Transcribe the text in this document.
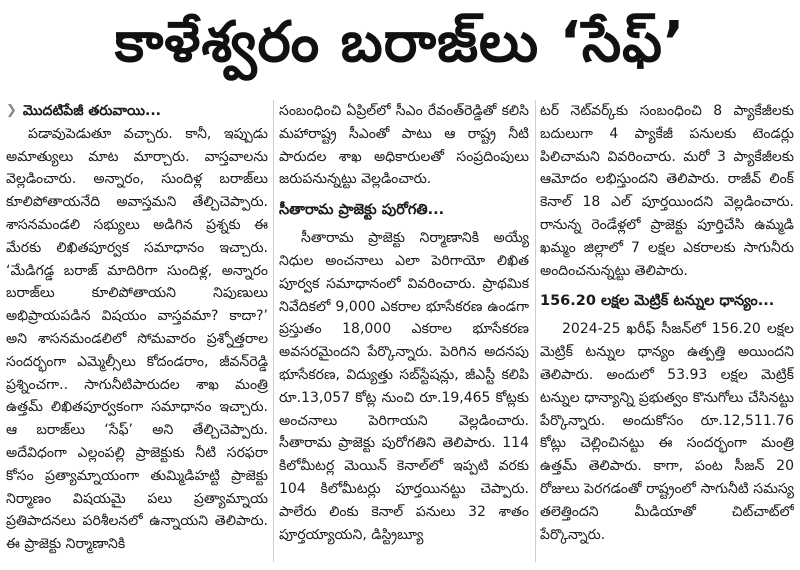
కాళేశ్వరం బరాజ్‌లు ‘సేఫ్’
❯ మొదటిపేజీ తరువాయి...

పడావుపెడుతూ వచ్చారు. కానీ, ఇప్పుడు అమాత్యులు మాట మార్చారు. వాస్తవాలను వెల్లడించారు. అన్నారం, సుందిళ్ల బరాజ్‌లు కూలిపోతాయనేది అవాస్తమని తేల్చిచెప్పారు. శాసనమండలి సభ్యులు అడిగిన ప్రశ్నకు ఈ మేరకు లిఖితపూర్వక సమాధానం ఇచ్చారు. ‘మేడిగడ్డ బరాజ్ మాదిరిగా సుందిళ్ల, అన్నారం బరాజ్‌లు కూలిపోతాయని నిపుణులు అభిప్రాయపడిన విషయం వాస్తవమా? కాదా?’ అని శాసనమండలిలో సోమవారం ప్రశ్నోత్తరాల సందర్భంగా ఎమ్మెల్సీలు కోదండరాం, జీవన్‌రెడ్డి ప్రశ్నించగా.. సాగునీటిపారుదల శాఖ మంత్రి ఉత్తమ్ లిఖితపూర్వకంగా సమాధానం ఇచ్చారు. ఆ బరాజ్‌లు ‘సేఫ్’ అని తేల్చిచెప్పారు. అదేవిధంగా ఎల్లంపల్లి ప్రాజెక్టుకు నీటి సరఫరా కోసం ప్రత్యామ్నాయంగా తుమ్మిడిహట్టి ప్రాజెక్టు నిర్మాణం విషయమై పలు ప్రత్యామ్నాయ ప్రతిపాదనలు పరిశీలనలో ఉన్నాయని తెలిపారు. ఈ ప్రాజెక్టు నిర్మాణానికి

సంబంధించి ఏప్రిల్‌లో సీఎం రేవంత్‌రెడ్డితో కలిసి మహారాష్ట్ర సీఎంతో పాటు ఆ రాష్ట్ర నీటి పారుదల శాఖ అధికారులతో సంప్రదింపులు జరుపనున్నట్టు వెల్లడించారు.

సీతారామ ప్రాజెక్టు పురోగతి...

సీతారామ ప్రాజెక్టు నిర్మాణానికి అయ్యే నిధుల అంచనాలు ఎలా పెరిగాయో లిఖిత పూర్వక సమాధానంలో వివరించారు. ప్రాథమిక నివేదికలో 9,000 ఎకరాల భూసేకరణ ఉండగా ప్రస్తుతం 18,000 ఎకరాల భూసేకరణ అవసరమైందని పేర్కొన్నారు. పెరిగిన అదనపు భూసేకరణ, విద్యుత్తు సబ్‌స్టేషన్లు, జీఎస్టీ కలిపి రూ.13,057 కోట్ల నుంచి రూ.19,465 కోట్లకు అంచనాలు పెరిగాయని వెల్లడించారు. సీతారామ ప్రాజెక్టు పురోగతిని తెలిపారు. 114 కిలోమీటర్ల మెయిన్ కెనాల్‌లో ఇప్పటి వరకు 104 కిలోమీటర్లు పూర్తయినట్టు చెప్పారు. పాలేరు లింకు కెనాల్ పనులు 32 శాతం పూర్తయ్యాయని, డిస్ట్రిబ్యూ

టర్ నెట్‌వర్క్‌కు సంబంధించి 8 ప్యాకేజీలకు బదులుగా 4 ప్యాకేజీ పనులకు టెండర్లు పిలిచామని వివరించారు. మరో 3 ప్యాకేజీలకు ఆమోదం లభిస్తుందని తెలిపారు. రాజీవ్ లింక్ కెనాల్ 18 ఎల్ పూర్తయిందని వెల్లడించారు. రానున్న రెండేళ్లలో ప్రాజెక్టు పూర్తిచేసి ఉమ్మడి ఖమ్మం జిల్లాలో 7 లక్షల ఎకరాలకు సాగునీరు అందించనున్నట్టు తెలిపారు.

156.20 లక్షల మెట్రిక్ టన్నుల ధాన్యం...

2024-25 ఖరీఫ్ సీజన్‌లో 156.20 లక్షల మెట్రిక్ టన్నుల ధాన్యం ఉత్పత్తి అయిందని తెలిపారు. అందులో 53.93 లక్షల మెట్రిక్ టన్నుల ధాన్యాన్ని ప్రభుత్వం కొనుగోలు చేసినట్టు పేర్కొన్నారు. అందుకోసం రూ.12,511.76 కోట్లు చెల్లించినట్టు ఈ సందర్భంగా మంత్రి ఉత్తమ్ తెలిపారు. కాగా, పంట సీజన్ 20 రోజులు పెరగడంతో రాష్ట్రంలో సాగునీటి సమస్య తలెత్తిందని మీడియాతో చిట్‌చాట్‌లో పేర్కొన్నారు.
